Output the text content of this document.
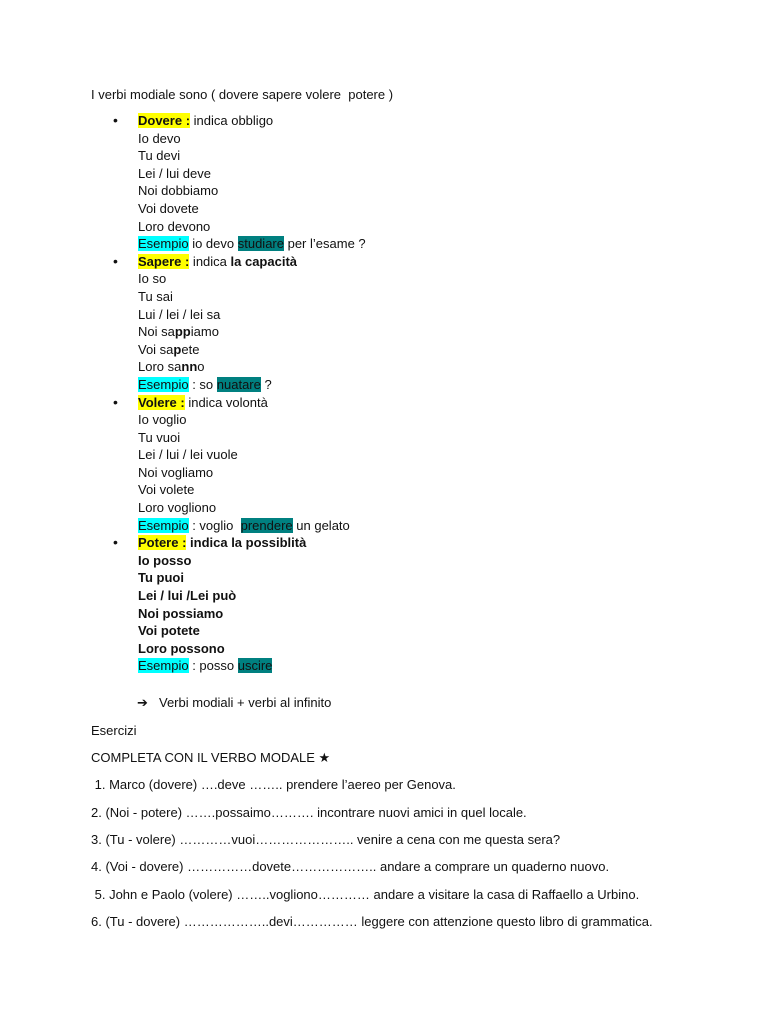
I verbi modiale sono ( dovere sapere volere  potere )
•	Dovere : indica obbligo
Io devo
Tu devi
Lei / lui deve
Noi dobbiamo
Voi dovete
Loro devono
Esempio io devo studiare per l’esame ?
•	Sapere : indica la capacità
Io so
Tu sai
Lui / lei / lei sa
Noi sappiamo
Voi sapete
Loro sanno
Esempio : so nuatare ?
•	Volere : indica volontà
Io voglio
Tu vuoi
Lei / lui / lei vuole
Noi vogliamo
Voi volete
Loro vogliono
Esempio : voglio  prendere un gelato
•	Potere : indica la possiblità
Io posso
Tu puoi
Lei / lui /Lei può
Noi possiamo
Voi potete
Loro possono
Esempio : posso uscire
➔ Verbi modiali + verbi al infinito
Esercizi
COMPLETA CON IL VERBO MODALE ★
1. Marco (dovere) ….deve …….. prendere l’aereo per Genova.
2. (Noi - potere) …….possaimo………. incontrare nuovi amici in quel locale.
3. (Tu - volere) …………vuoi………………….. venire a cena con me questa sera?
4. (Voi - dovere) ……………dovete……………….. andare a comprare un quaderno nuovo.
5. John e Paolo (volere) ……..vogliono………… andare a visitare la casa di Raffaello a Urbino.
6. (Tu - dovere) ………………..devi…………… leggere con attenzione questo libro di grammatica.
